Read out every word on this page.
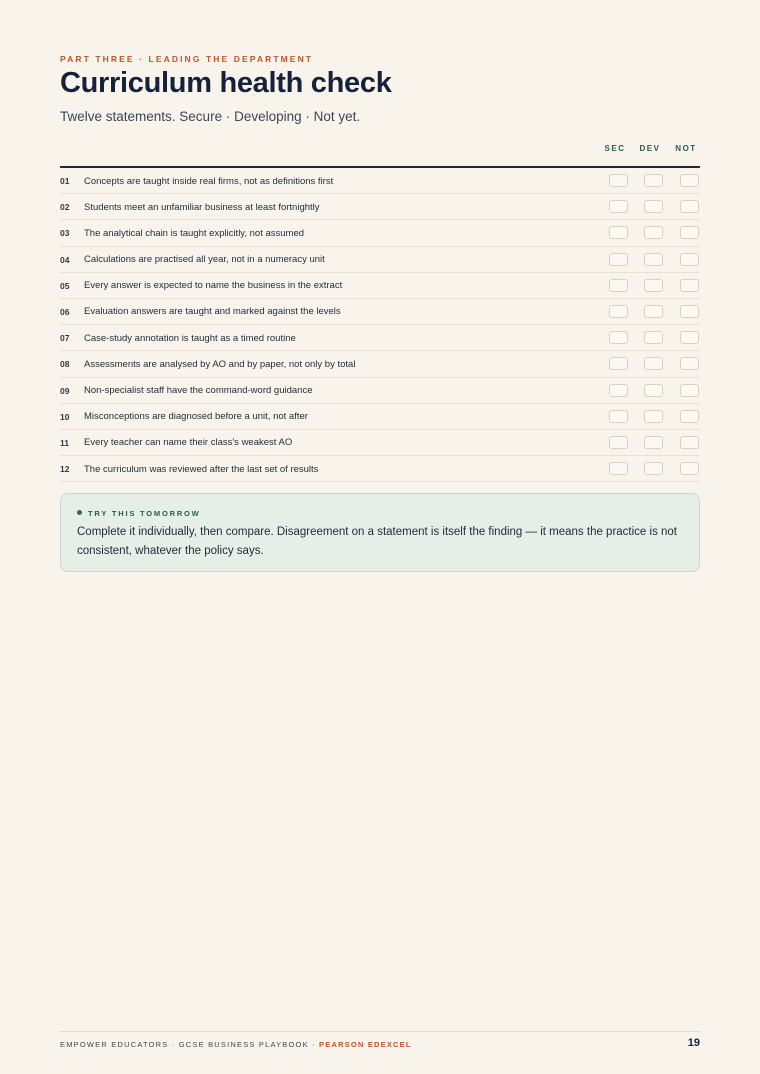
PART THREE · LEADING THE DEPARTMENT
Curriculum health check
Twelve statements. Secure · Developing · Not yet.
SEC	DEV	NOT
01 Concepts are taught inside real firms, not as definitions first
02 Students meet an unfamiliar business at least fortnightly
03 The analytical chain is taught explicitly, not assumed
04 Calculations are practised all year, not in a numeracy unit
05 Every answer is expected to name the business in the extract
06 Evaluation answers are taught and marked against the levels
07 Case-study annotation is taught as a timed routine
08 Assessments are analysed by AO and by paper, not only by total
09 Non-specialist staff have the command-word guidance
10 Misconceptions are diagnosed before a unit, not after
11 Every teacher can name their class's weakest AO
12 The curriculum was reviewed after the last set of results
TRY THIS TOMORROW
Complete it individually, then compare. Disagreement on a statement is itself the finding — it means the practice is not consistent, whatever the policy says.
EMPOWER EDUCATORS · GCSE BUSINESS PLAYBOOK · PEARSON EDEXCEL	19
